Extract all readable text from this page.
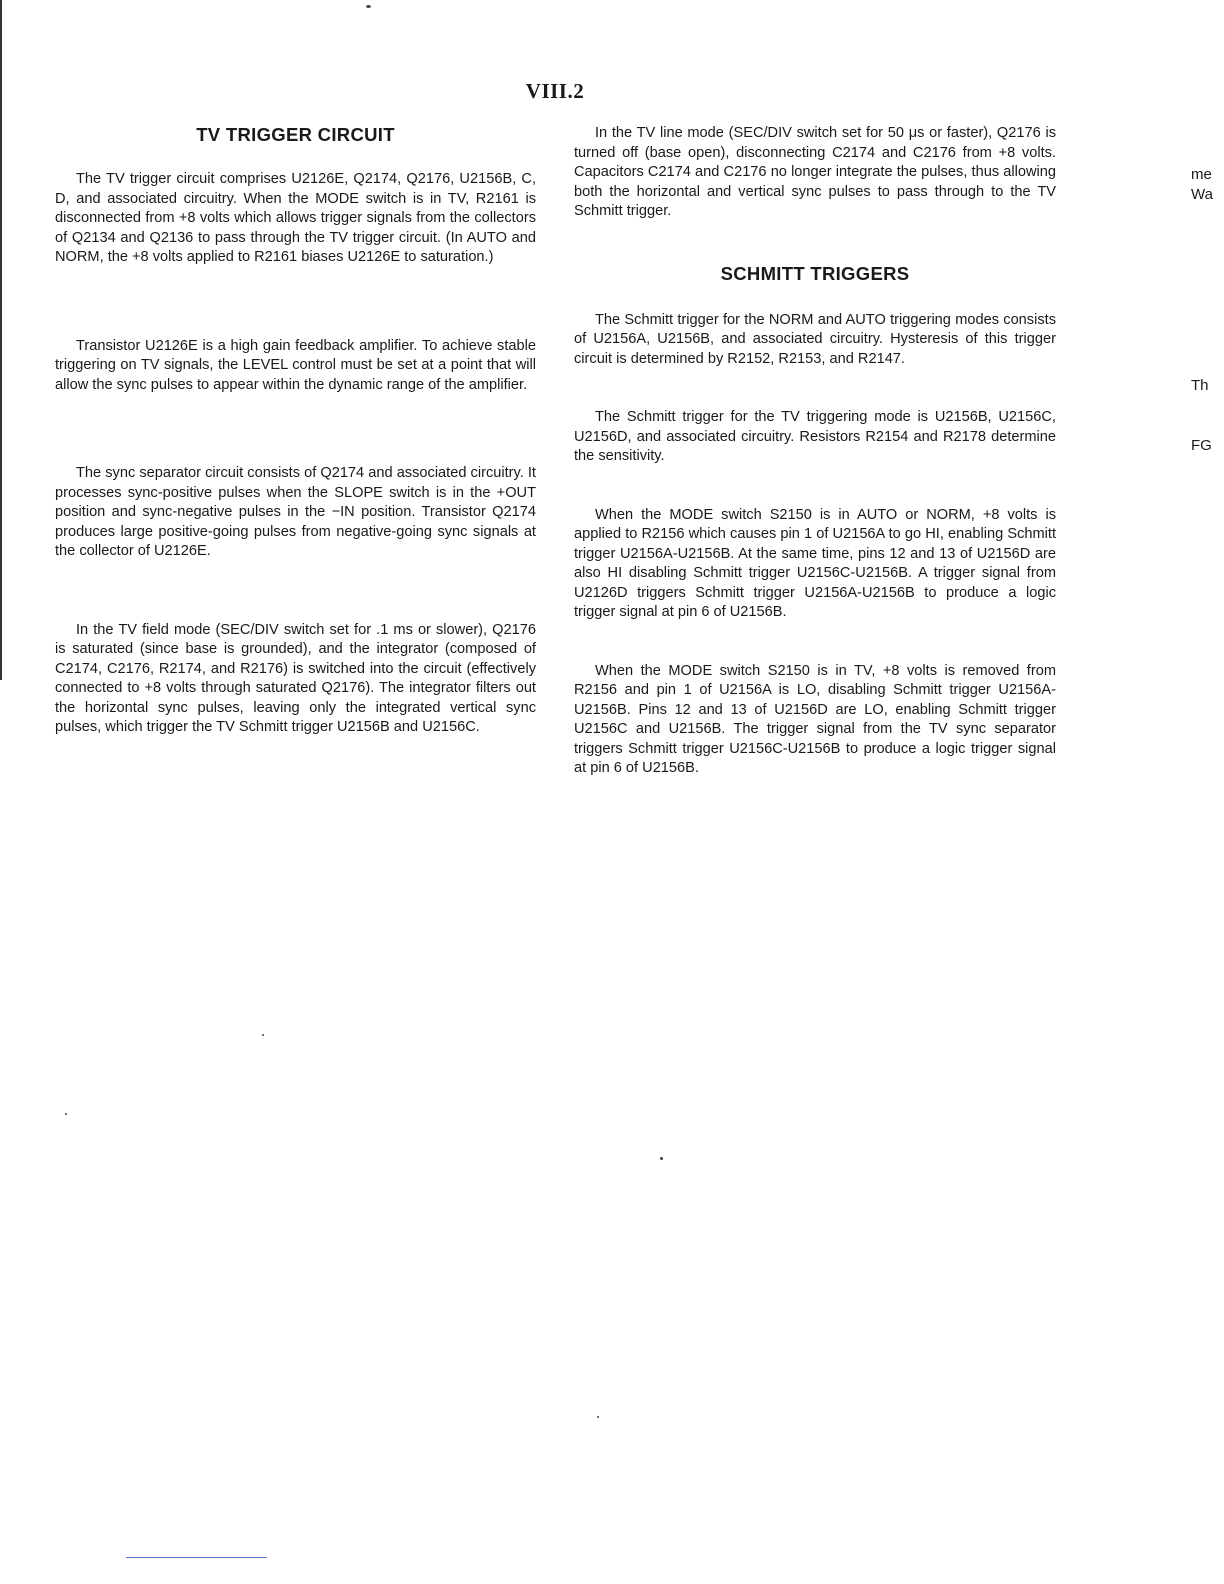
VIII.2
TV TRIGGER CIRCUIT

The TV trigger circuit comprises U2126E, Q2174, Q2176, U2156B, C, D, and associated circuitry. When the MODE switch is in TV, R2161 is disconnected from +8 volts which allows trigger signals from the collectors of Q2134 and Q2136 to pass through the TV trigger circuit. (In AUTO and NORM, the +8 volts applied to R2161 biases U2126E to saturation.)

Transistor U2126E is a high gain feedback amplifier. To achieve stable triggering on TV signals, the LEVEL control must be set at a point that will allow the sync pulses to appear within the dynamic range of the amplifier.

The sync separator circuit consists of Q2174 and associated circuitry. It processes sync-positive pulses when the SLOPE switch is in the +OUT position and sync-negative pulses in the −IN position. Transistor Q2174 produces large positive-going pulses from negative-going sync signals at the collector of U2126E.

In the TV field mode (SEC/DIV switch set for .1 ms or slower), Q2176 is saturated (since base is grounded), and the integrator (composed of C2174, C2176, R2174, and R2176) is switched into the circuit (effectively connected to +8 volts through saturated Q2176). The integrator filters out the horizontal sync pulses, leaving only the integrated vertical sync pulses, which trigger the TV Schmitt trigger U2156B and U2156C.

In the TV line mode (SEC/DIV switch set for 50 μs or faster), Q2176 is turned off (base open), disconnecting C2174 and C2176 from +8 volts. Capacitors C2174 and C2176 no longer integrate the pulses, thus allowing both the horizontal and vertical sync pulses to pass through to the TV Schmitt trigger.

SCHMITT TRIGGERS

The Schmitt trigger for the NORM and AUTO triggering modes consists of U2156A, U2156B, and associated circuitry. Hysteresis of this trigger circuit is determined by R2152, R2153, and R2147.

The Schmitt trigger for the TV triggering mode is U2156B, U2156C, U2156D, and associated circuitry. Resistors R2154 and R2178 determine the sensitivity.

When the MODE switch S2150 is in AUTO or NORM, +8 volts is applied to R2156 which causes pin 1 of U2156A to go HI, enabling Schmitt trigger U2156A-U2156B. At the same time, pins 12 and 13 of U2156D are also HI disabling Schmitt trigger U2156C-U2156B. A trigger signal from U2126D triggers Schmitt trigger U2156A-U2156B to produce a logic trigger signal at pin 6 of U2156B.

When the MODE switch S2150 is in TV, +8 volts is removed from R2156 and pin 1 of U2156A is LO, disabling Schmitt trigger U2156A-U2156B. Pins 12 and 13 of U2156D are LO, enabling Schmitt trigger U2156C and U2156B. The trigger signal from the TV sync separator triggers Schmitt trigger U2156C-U2156B to produce a logic trigger signal at pin 6 of U2156B.

me
Wa
Th
FG
